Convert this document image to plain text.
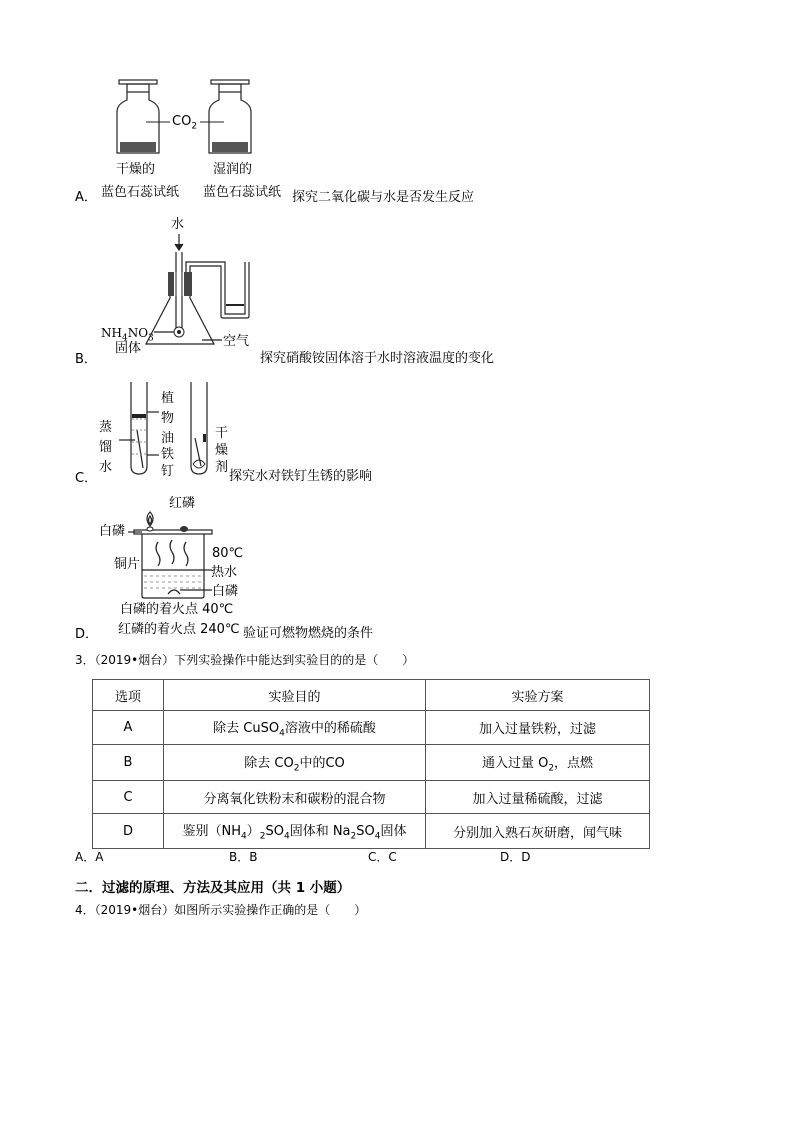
$CO_2$
干燥的	湿润的
A． 蓝色石蕊试纸 蓝色石蕊试纸 探究二氧化碳与水是否发生反应
水
$NH_4NO_3$
固体	空气
B．	探究硝酸铵固体溶于水时溶液温度的变化
蒸
馏
水
植
物
油
铁
钉
干
燥
剂
C．	探究水对铁钉生锈的影响
红磷
白磷
铜片
80℃
热水
白磷
白磷的着火点 40℃
红磷的着火点 240℃
D．	验证可燃物燃烧的条件
3．（2019•烟台）下列实验操作中能达到实验目的的是（　　）
选项	实验目的	实验方案
A	除去 CuSO$_4$溶液中的稀硫酸	加入过量铁粉，过滤
B	除去 $CO_2$中的CO	通入过量 $O_2$，点燃
C	分离氧化铁粉末和碳粉的混合物	加入过量稀硫酸，过滤
D	鉴别$(NH_4)_2SO_4$固体和 $Na_2SO_4$固体	分别加入熟石灰研磨，闻气味
A．A	B．B	C．C	D．D
二．过滤的原理、方法及其应用（共 1 小题）
4．（2019•烟台）如图所示实验操作正确的是（　　）
